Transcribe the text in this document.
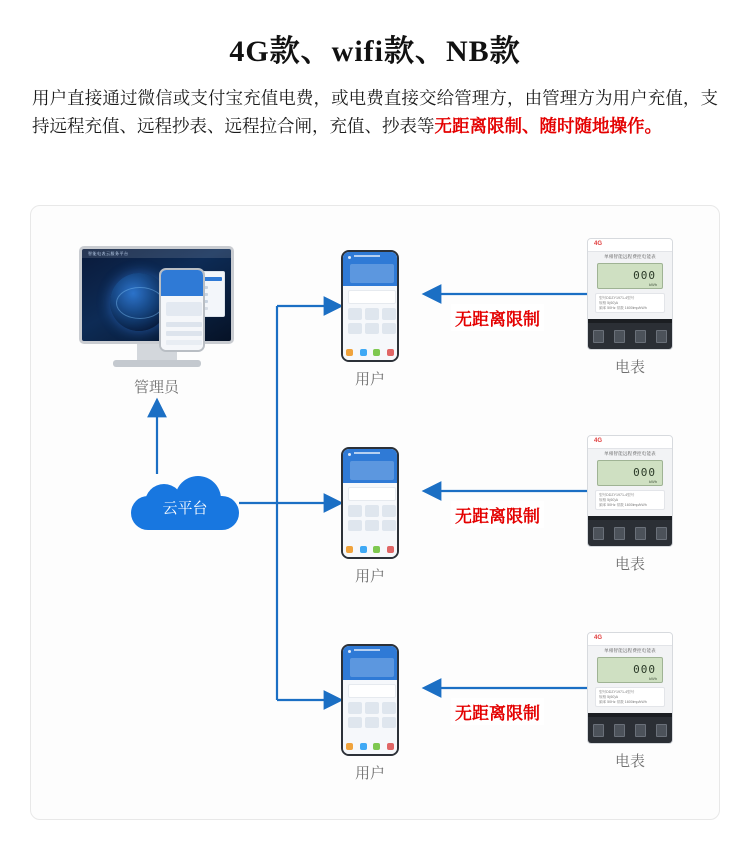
4G款、wifi款、NB款
用户直接通过微信或支付宝充值电费，或电费直接交给管理方，由管理方为用户充值，支持远程充值、远程抄表、远程拉合闸，充值、抄表等无距离限制、随时随地操作。
智能电表云服务平台
管理员
云平台
用户
用户
用户
4G
单相智能远程费控电能表
000
kWh
型号DDZY1971-4型号
规格 5(60)A
频率 50Hz 常数 1600imp/kWh
电表
4G
单相智能远程费控电能表
000
kWh
型号DDZY1971-4型号
规格 5(60)A
频率 50Hz 常数 1600imp/kWh
电表
4G
单相智能远程费控电能表
000
kWh
型号DDZY1971-4型号
规格 5(60)A
频率 50Hz 常数 1600imp/kWh
电表
无距离限制
无距离限制
无距离限制
